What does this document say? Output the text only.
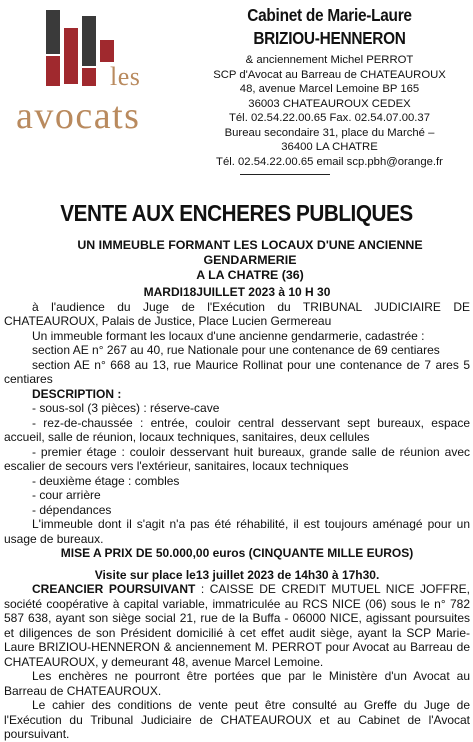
les
avocats
Cabinet de Marie-Laure
BRIZIOU-HENNERON
& anciennement Michel PERROT
SCP d'Avocat au Barreau de CHATEAUROUX
48, avenue Marcel Lemoine BP 165
36003 CHATEAUROUX CEDEX
Tél. 02.54.22.00.65 Fax. 02.54.07.00.37
Bureau secondaire 31, place du Marché –
36400 LA CHATRE
Tél. 02.54.22.00.65 email scp.pbh@orange.fr
VENTE AUX ENCHERES PUBLIQUES
UN IMMEUBLE FORMANT LES LOCAUX D'UNE ANCIENNE GENDARMERIE
A LA CHATRE (36)

MARDI18JUILLET 2023 à 10 H 30

à l'audience du Juge de l'Exécution du TRIBUNAL JUDICIAIRE DE CHATEAUROUX, Palais de Justice, Place Lucien Germereau

Un immeuble formant les locaux d'une ancienne gendarmerie, cadastrée :

section AE n° 267 au 40, rue Nationale pour une contenance de 69 centiares

section AE n° 668 au 13, rue Maurice Rollinat pour une contenance de 7 ares 5 centiares

DESCRIPTION :

- sous-sol (3 pièces) : réserve-cave

- rez-de-chaussée : entrée, couloir central desservant sept bureaux, espace accueil, salle de réunion, locaux techniques, sanitaires, deux cellules

- premier étage : couloir desservant huit bureaux, grande salle de réunion avec escalier de secours vers l'extérieur, sanitaires, locaux techniques

- deuxième étage : combles

- cour arrière

- dépendances

L'immeuble dont il s'agit n'a pas été réhabilité, il est toujours aménagé pour un usage de bureaux.

MISE A PRIX DE 50.000,00 euros (CINQUANTE MILLE EUROS)

Visite sur place le13 juillet 2023 de 14h30 à 17h30.

CREANCIER POURSUIVANT : CAISSE DE CREDIT MUTUEL NICE JOFFRE, société coopérative à capital variable, immatriculée au RCS NICE (06) sous le n° 782 587 638, ayant son siège social 21, rue de la Buffa - 06000 NICE, agissant poursuites et diligences de son Président domicilié à cet effet audit siège, ayant la SCP Marie-Laure BRIZIOU-HENNERON & anciennement M. PERROT pour Avocat au Barreau de CHATEAUROUX, y demeurant 48, avenue Marcel Lemoine.

Les enchères ne pourront être portées que par le Ministère d'un Avocat au Barreau de CHATEAUROUX.

Le cahier des conditions de vente peut être consulté au Greffe du Juge de l'Exécution du Tribunal Judiciaire de CHATEAUROUX et au Cabinet de l'Avocat poursuivant.
